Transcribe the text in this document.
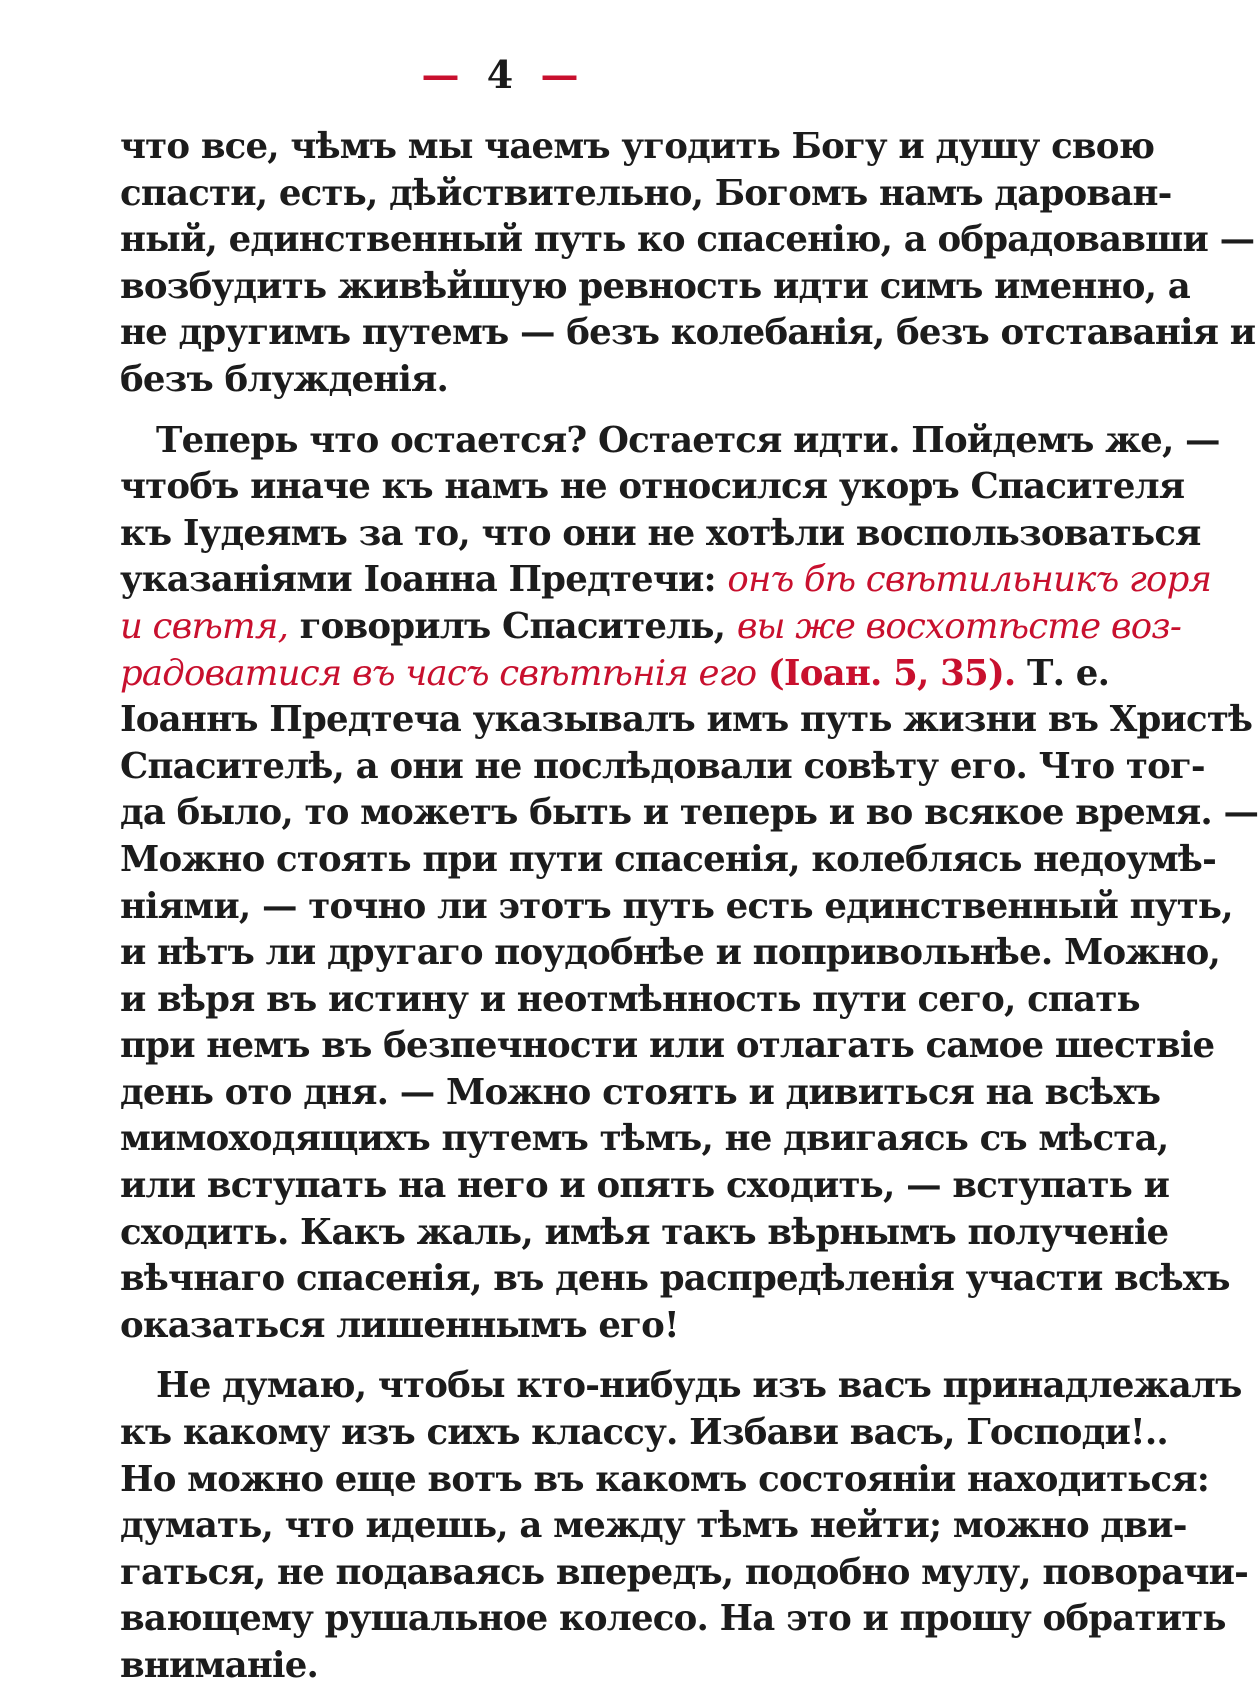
— 4 —
что все, чѣмъ мы чаемъ угодить Богу и душу свою
спасти, есть, дѣйствительно, Богомъ намъ дарован-
ный, единственный путь ко спасенію, а обрадовавши —
возбудить живѣйшую ревность идти симъ именно, а
не другимъ путемъ — безъ колебанія, безъ отставанія и
безъ блужденія.
Теперь что остается? Остается идти. Пойдемъ же, —
чтобъ иначе къ намъ не относился укоръ Спасителя
къ Іудеямъ за то, что они не хотѣли воспользоваться
указаніями Іоанна Предтечи: онъ бѣ свѣтильникъ горя
и свѣтя, говорилъ Спаситель, вы же восхотѣсте воз-
радоватися въ часъ свѣтѣнія его (Іоан. 5, 35). Т. е.
Іоаннъ Предтеча указывалъ имъ путь жизни въ Христѣ
Спасителѣ, а они не послѣдовали совѣту его. Что тог-
да было, то можетъ быть и теперь и во всякое время. —
Можно стоять при пути спасенія, колеблясь недоумѣ-
ніями, — точно ли этотъ путь есть единственный путь,
и нѣтъ ли другаго поудобнѣе и попривольнѣе. Можно,
и вѣря въ истину и неотмѣнность пути сего, спать
при немъ въ безпечности или отлагать самое шествіе
день ото дня. — Можно стоять и дивиться на всѣхъ
мимоходящихъ путемъ тѣмъ, не двигаясь съ мѣста,
или вступать на него и опять сходить, — вступать и
сходить. Какъ жаль, имѣя такъ вѣрнымъ полученіе
вѣчнаго спасенія, въ день распредѣленія участи всѣхъ
оказаться лишеннымъ его!
Не думаю, чтобы кто-нибудь изъ васъ принадлежалъ
къ какому изъ сихъ классу. Избави васъ, Господи!..
Но можно еще вотъ въ какомъ состояніи находиться:
думать, что идешь, а между тѣмъ нейти; можно дви-
гаться, не подаваясь впередъ, подобно мулу, поворачи-
вающему рушальное колесо. На это и прошу обратить
вниманіе.
